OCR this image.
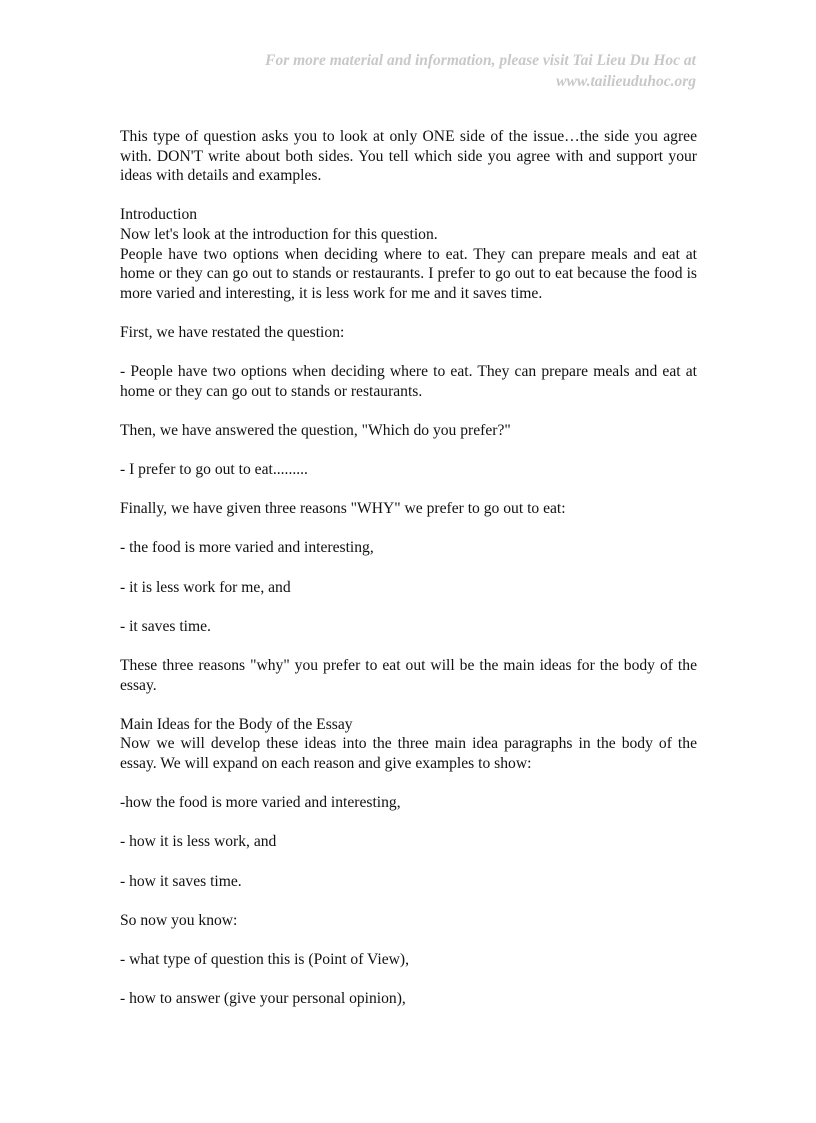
For more material and information, please visit Tai Lieu Du Hoc at
www.tailieuduhoc.org

This type of question asks you to look at only ONE side of the issue…the side you agree with. DON'T write about both sides. You tell which side you agree with and support your ideas with details and examples.

Introduction

Now let's look at the introduction for this question.

People have two options when deciding where to eat. They can prepare meals and eat at home or they can go out to stands or restaurants. I prefer to go out to eat because the food is more varied and interesting, it is less work for me and it saves time.

First, we have restated the question:

- People have two options when deciding where to eat. They can prepare meals and eat at home or they can go out to stands or restaurants.

Then, we have answered the question, "Which do you prefer?"

- I prefer to go out to eat.........

Finally, we have given three reasons "WHY" we prefer to go out to eat:

- the food is more varied and interesting,

- it is less work for me, and

- it saves time.

These three reasons "why" you prefer to eat out will be the main ideas for the body of the essay.

Main Ideas for the Body of the Essay

Now we will develop these ideas into the three main idea paragraphs in the body of the essay. We will expand on each reason and give examples to show:

-how the food is more varied and interesting,

- how it is less work, and

- how it saves time.

So now you know:

- what type of question this is (Point of View),

- how to answer (give your personal opinion),
